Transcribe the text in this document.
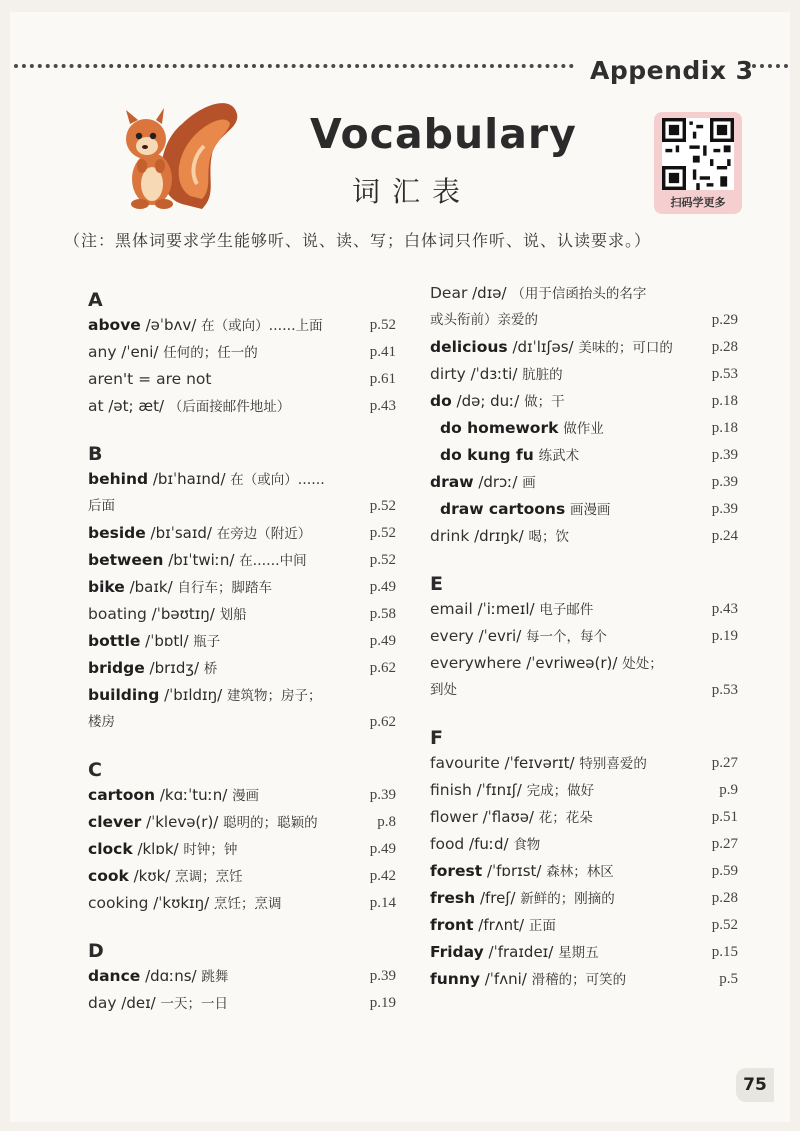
Appendix 3
Vocabulary
词汇表	扫码学更多
（注：黑体词要求学生能够听、说、读、写；白体词只作听、说、认读要求。）
A
above /əˈbʌv/ 在（或向）……上面	p.52
any /ˈeni/ 任何的；任一的	p.41
aren't = are not	p.61
at /ət; æt/ （后面接邮件地址）	p.43
B
behind /bɪˈhaɪnd/ 在（或向）……
后面	p.52
beside /bɪˈsaɪd/ 在旁边（附近）	p.52
between /bɪˈtwiːn/ 在……中间	p.52
bike /baɪk/ 自行车；脚踏车	p.49
boating /ˈbəʊtɪŋ/ 划船	p.58
bottle /ˈbɒtl/ 瓶子	p.49
bridge /brɪdʒ/ 桥	p.62
building /ˈbɪldɪŋ/ 建筑物；房子；
楼房	p.62
C
cartoon /kɑːˈtuːn/ 漫画	p.39
clever /ˈklevə(r)/ 聪明的；聪颖的	p.8
clock /klɒk/ 时钟；钟	p.49
cook /kʊk/ 烹调；烹饪	p.42
cooking /ˈkʊkɪŋ/ 烹饪；烹调	p.14
D
dance /dɑːns/ 跳舞	p.39
day /deɪ/ 一天；一日	p.19
Dear /dɪə/ （用于信函抬头的名字
或头衔前）亲爱的	p.29
delicious /dɪˈlɪʃəs/ 美味的；可口的	p.28
dirty /ˈdɜːti/ 肮脏的	p.53
do /də; duː/ 做；干	p.18
do homework 做作业	p.18
do kung fu 练武术	p.39
draw /drɔː/ 画	p.39
draw cartoons 画漫画	p.39
drink /drɪŋk/ 喝；饮	p.24
E
email /ˈiːmeɪl/ 电子邮件	p.43
every /ˈevri/ 每一个，每个	p.19
everywhere /ˈevriweə(r)/ 处处；
到处	p.53
F
favourite /ˈfeɪvərɪt/ 特别喜爱的	p.27
finish /ˈfɪnɪʃ/ 完成；做好	p.9
flower /ˈflaʊə/ 花；花朵	p.51
food /fuːd/ 食物	p.27
forest /ˈfɒrɪst/ 森林；林区	p.59
fresh /freʃ/ 新鲜的；刚摘的	p.28
front /frʌnt/ 正面	p.52
Friday /ˈfraɪdeɪ/ 星期五	p.15
funny /ˈfʌni/ 滑稽的；可笑的	p.5
75
